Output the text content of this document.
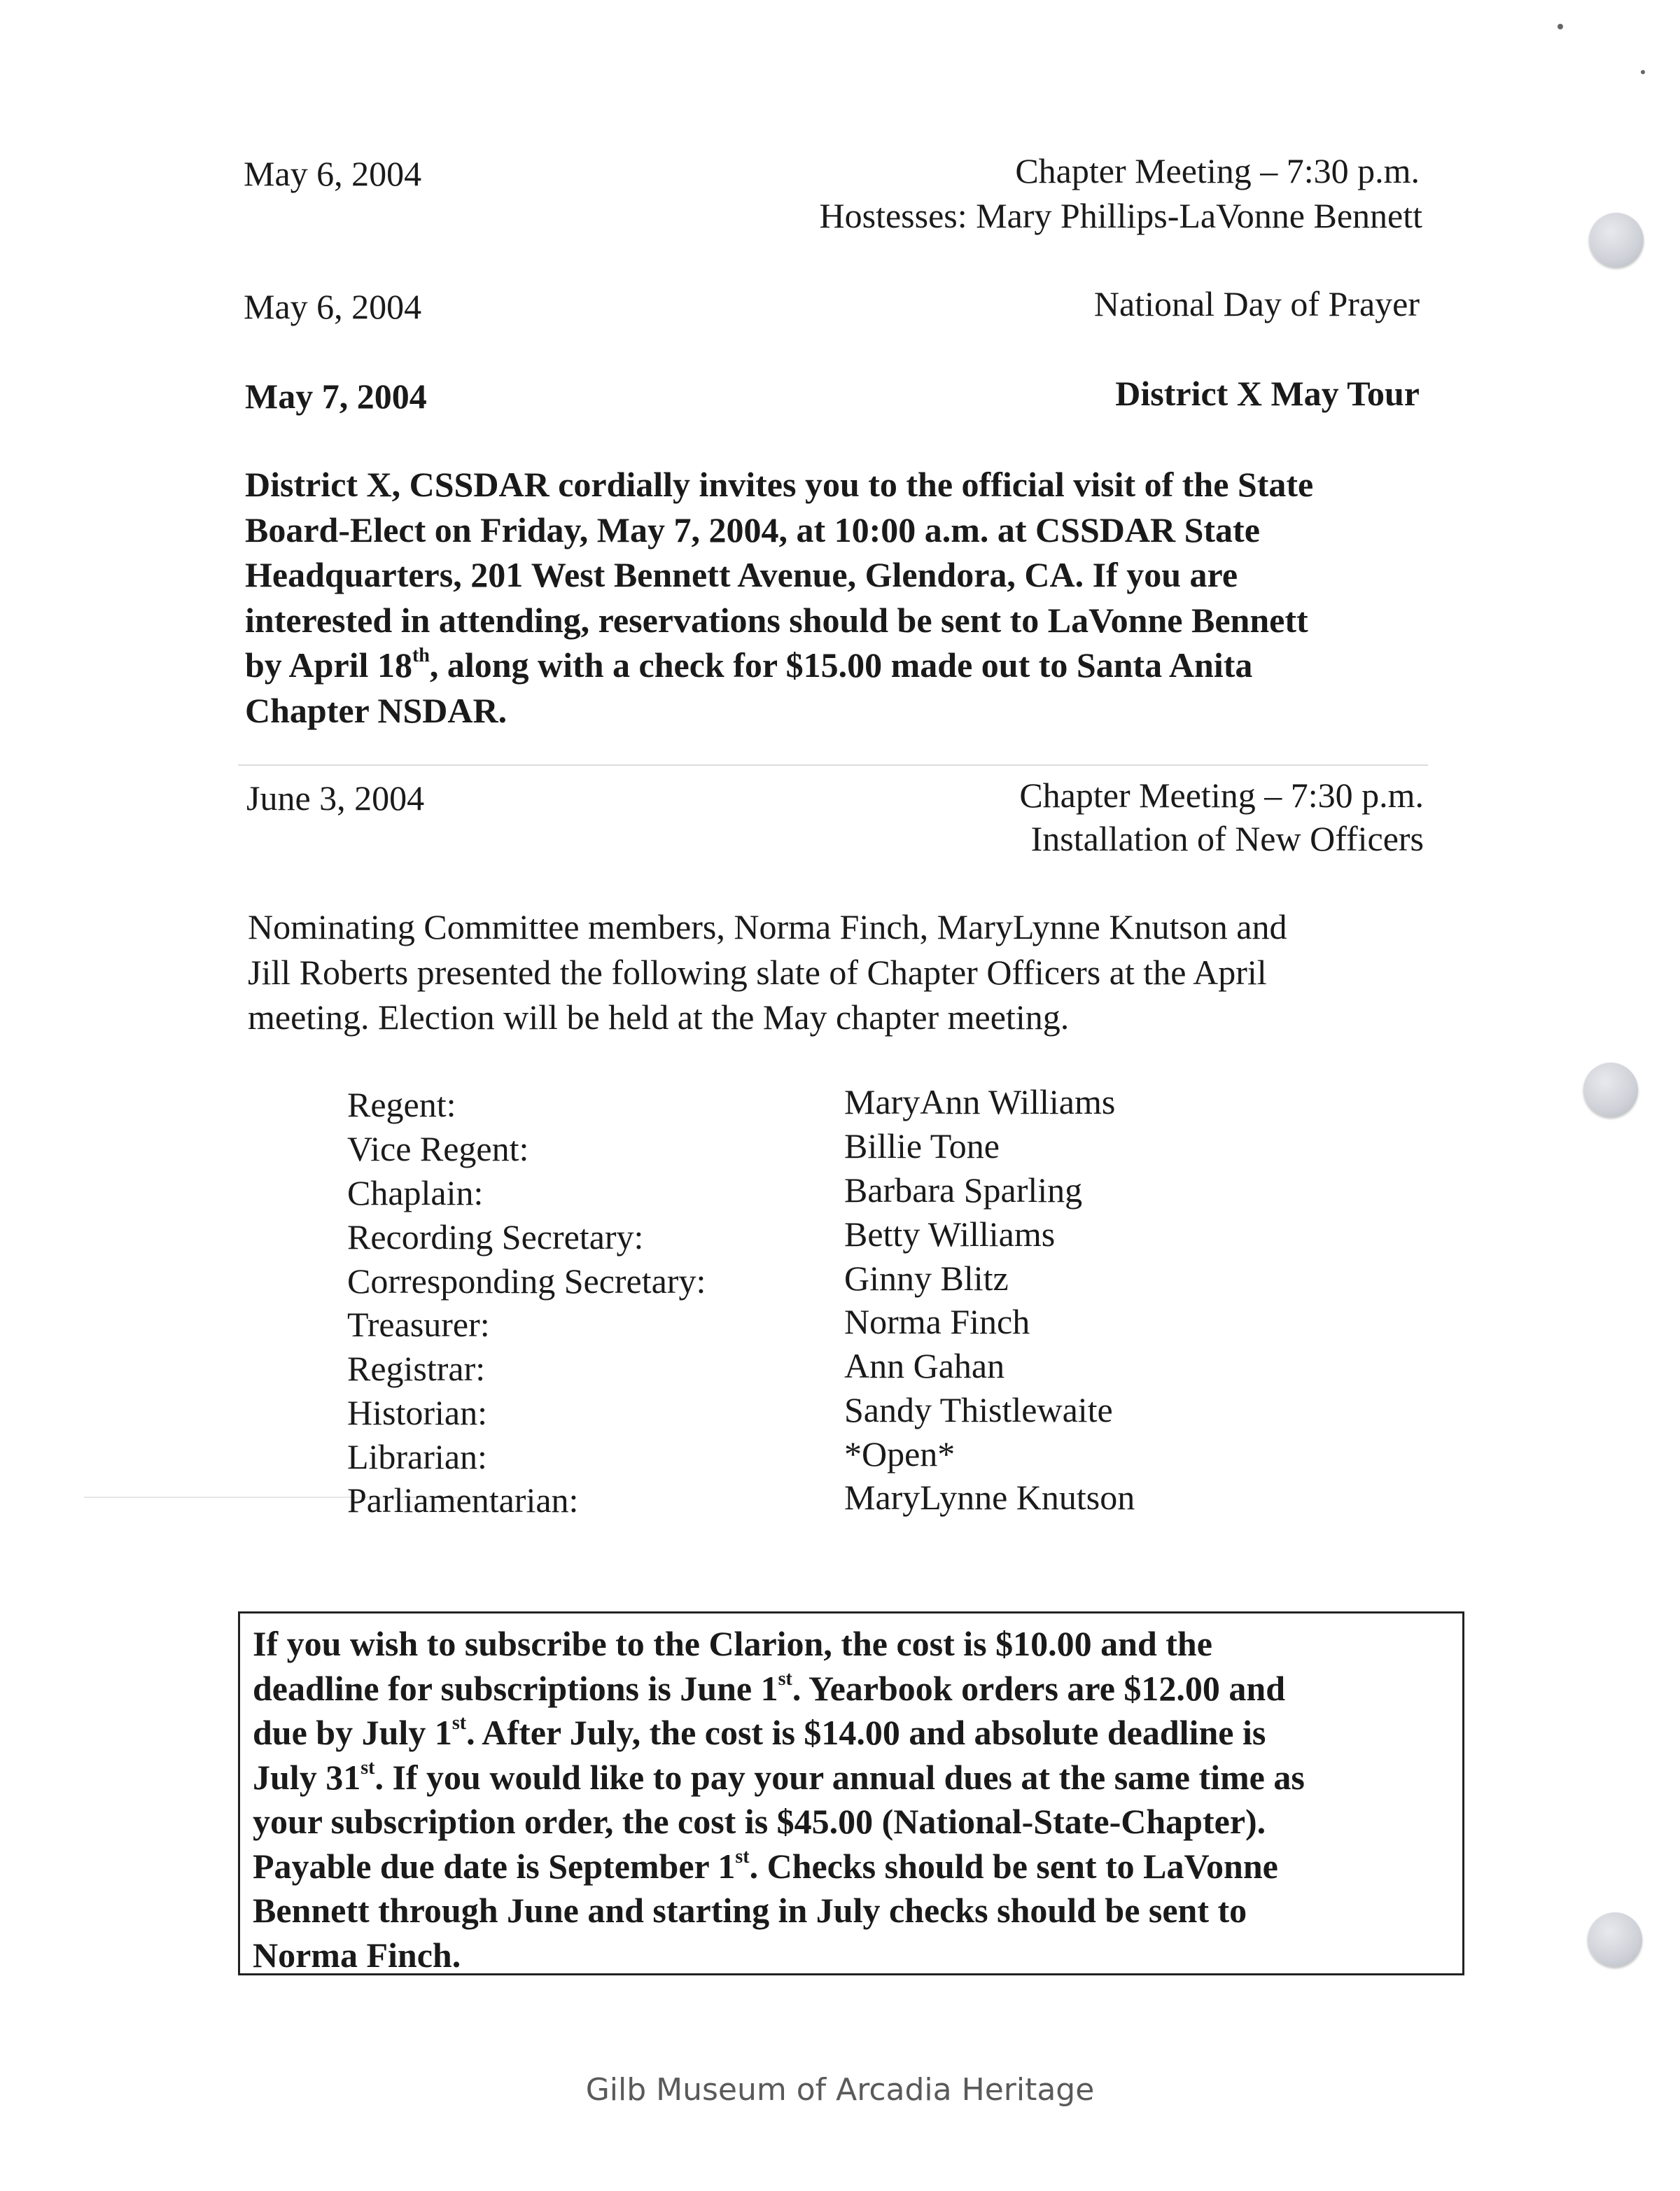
May 6, 2004	Chapter Meeting – 7:30 p.m.
Hostesses: Mary Phillips-LaVonne Bennett
May 6, 2004	National Day of Prayer
May 7, 2004	District X May Tour
District X, CSSDAR cordially invites you to the official visit of the State
Board-Elect on Friday, May 7, 2004, at 10:00 a.m. at CSSDAR State
Headquarters, 201 West Bennett Avenue, Glendora, CA. If you are
interested in attending, reservations should be sent to LaVonne Bennett
by April 18th, along with a check for $15.00 made out to Santa Anita
Chapter NSDAR.
June 3, 2004	Chapter Meeting – 7:30 p.m.
Installation of New Officers
Nominating Committee members, Norma Finch, MaryLynne Knutson and
Jill Roberts presented the following slate of Chapter Officers at the April
meeting. Election will be held at the May chapter meeting.
Regent:	MaryAnn Williams
Vice Regent:	Billie Tone
Chaplain:	Barbara Sparling
Recording Secretary:	Betty Williams
Corresponding Secretary:	Ginny Blitz
Treasurer:	Norma Finch
Registrar:	Ann Gahan
Historian:	Sandy Thistlewaite
Librarian:	*Open*
Parliamentarian:	MaryLynne Knutson
If you wish to subscribe to the Clarion, the cost is $10.00 and the
deadline for subscriptions is June 1st. Yearbook orders are $12.00 and
due by July 1st. After July, the cost is $14.00 and absolute deadline is
July 31st. If you would like to pay your annual dues at the same time as
your subscription order, the cost is $45.00 (National-State-Chapter).
Payable due date is September 1st. Checks should be sent to LaVonne
Bennett through June and starting in July checks should be sent to
Norma Finch.
Gilb Museum of Arcadia Heritage
